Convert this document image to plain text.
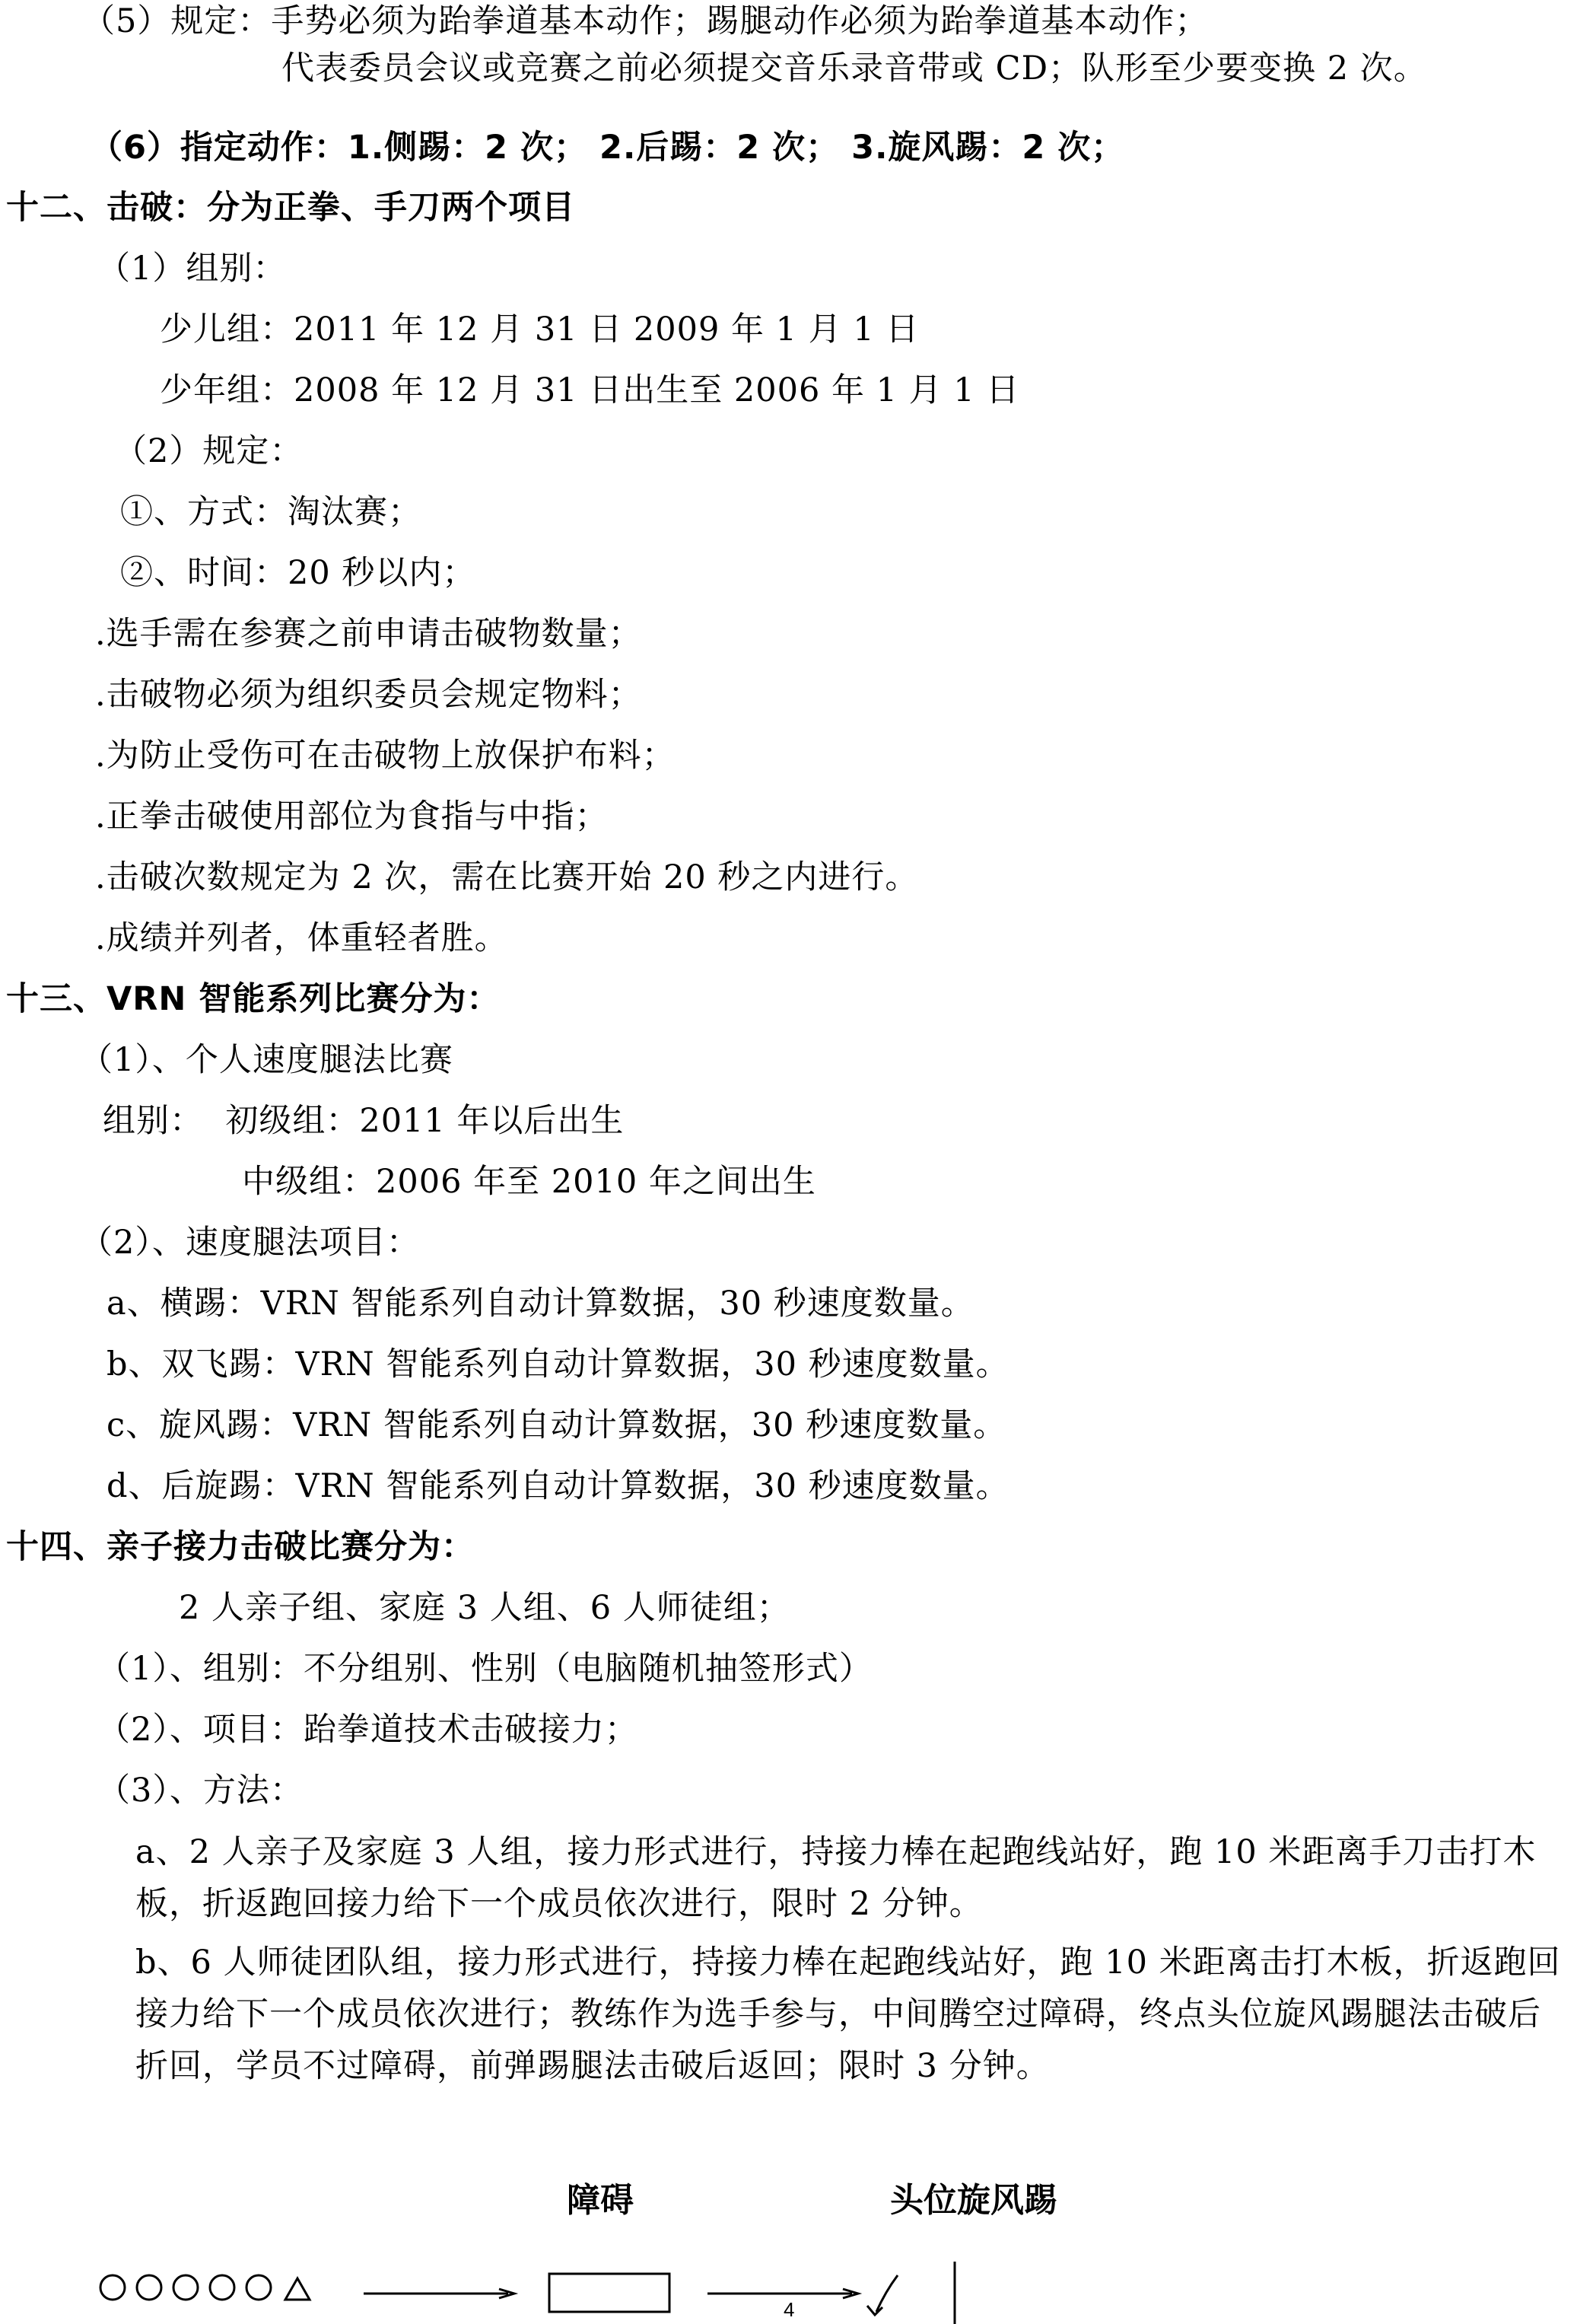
（5）规定：手势必须为跆拳道基本动作；踢腿动作必须为跆拳道基本动作；
代表委员会议或竞赛之前必须提交音乐录音带或 CD；队形至少要变换 2 次。
（6）指定动作：1.侧踢：2 次； 2.后踢：2 次； 3.旋风踢：2 次；
十二、击破：分为正拳、手刀两个项目
（1）组别：
少儿组：2011 年 12 月 31 日 2009 年 1 月 1 日
少年组：2008 年 12 月 31 日出生至 2006 年 1 月 1 日
（2）规定：
①、方式：淘汰赛；
②、时间：20 秒以内；
.选手需在参赛之前申请击破物数量；
.击破物必须为组织委员会规定物料；
.为防止受伤可在击破物上放保护布料；
.正拳击破使用部位为食指与中指；
.击破次数规定为 2 次，需在比赛开始 20 秒之内进行。
.成绩并列者，体重轻者胜。
十三、VRN 智能系列比赛分为：
（1）、个人速度腿法比赛
组别：  初级组：2011 年以后出生
中级组：2006 年至 2010 年之间出生
（2）、速度腿法项目：
a、横踢：VRN 智能系列自动计算数据，30 秒速度数量。
b、双飞踢：VRN 智能系列自动计算数据，30 秒速度数量。
c、旋风踢：VRN 智能系列自动计算数据，30 秒速度数量。
d、后旋踢：VRN 智能系列自动计算数据，30 秒速度数量。
十四、亲子接力击破比赛分为：
2 人亲子组、家庭 3 人组、6 人师徒组；
（1）、组别：不分组别、性别（电脑随机抽签形式）
（2）、项目：跆拳道技术击破接力；
（3）、方法：
a、2 人亲子及家庭 3 人组，接力形式进行，持接力棒在起跑线站好，跑 10 米距离手刀击打木板，折返跑回接力给下一个成员依次进行，限时 2 分钟。
b、6 人师徒团队组，接力形式进行，持接力棒在起跑线站好，跑 10 米距离击打木板，折返跑回接力给下一个成员依次进行；教练作为选手参与，中间腾空过障碍，终点头位旋风踢腿法击破后折回，学员不过障碍，前弹踢腿法击破后返回；限时 3 分钟。
障碍	头位旋风踢
4
